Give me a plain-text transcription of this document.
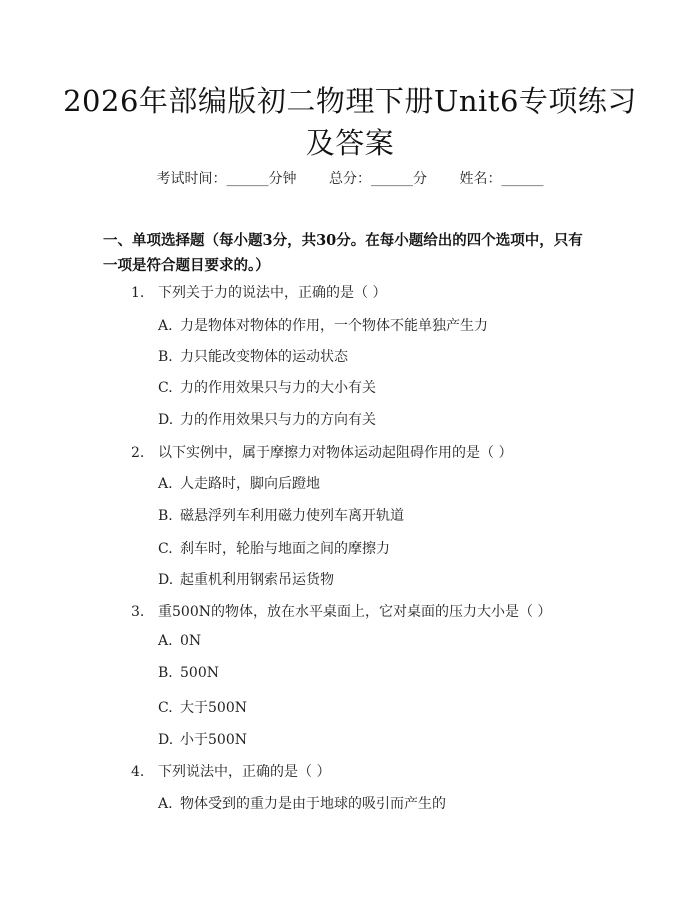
2026年部编版初二物理下册Unit6专项练习及答案
考试时间：______分钟 总分：______分 姓名：______
一、单项选择题（每小题3分，共30分。在每小题给出的四个选项中，只有一项是符合题目要求的。）
1. 下列关于力的说法中，正确的是（ ）
A. 力是物体对物体的作用，一个物体不能单独产生力
B. 力只能改变物体的运动状态
C. 力的作用效果只与力的大小有关
D. 力的作用效果只与力的方向有关
2. 以下实例中，属于摩擦力对物体运动起阻碍作用的是（ ）
A. 人走路时，脚向后蹬地
B. 磁悬浮列车利用磁力使列车离开轨道
C. 刹车时，轮胎与地面之间的摩擦力
D. 起重机利用钢索吊运货物
3. 重500N的物体，放在水平桌面上，它对桌面的压力大小是（ ）
A. 0N
B. 500N
C. 大于500N
D. 小于500N
4. 下列说法中，正确的是（ ）
A. 物体受到的重力是由于地球的吸引而产生的
